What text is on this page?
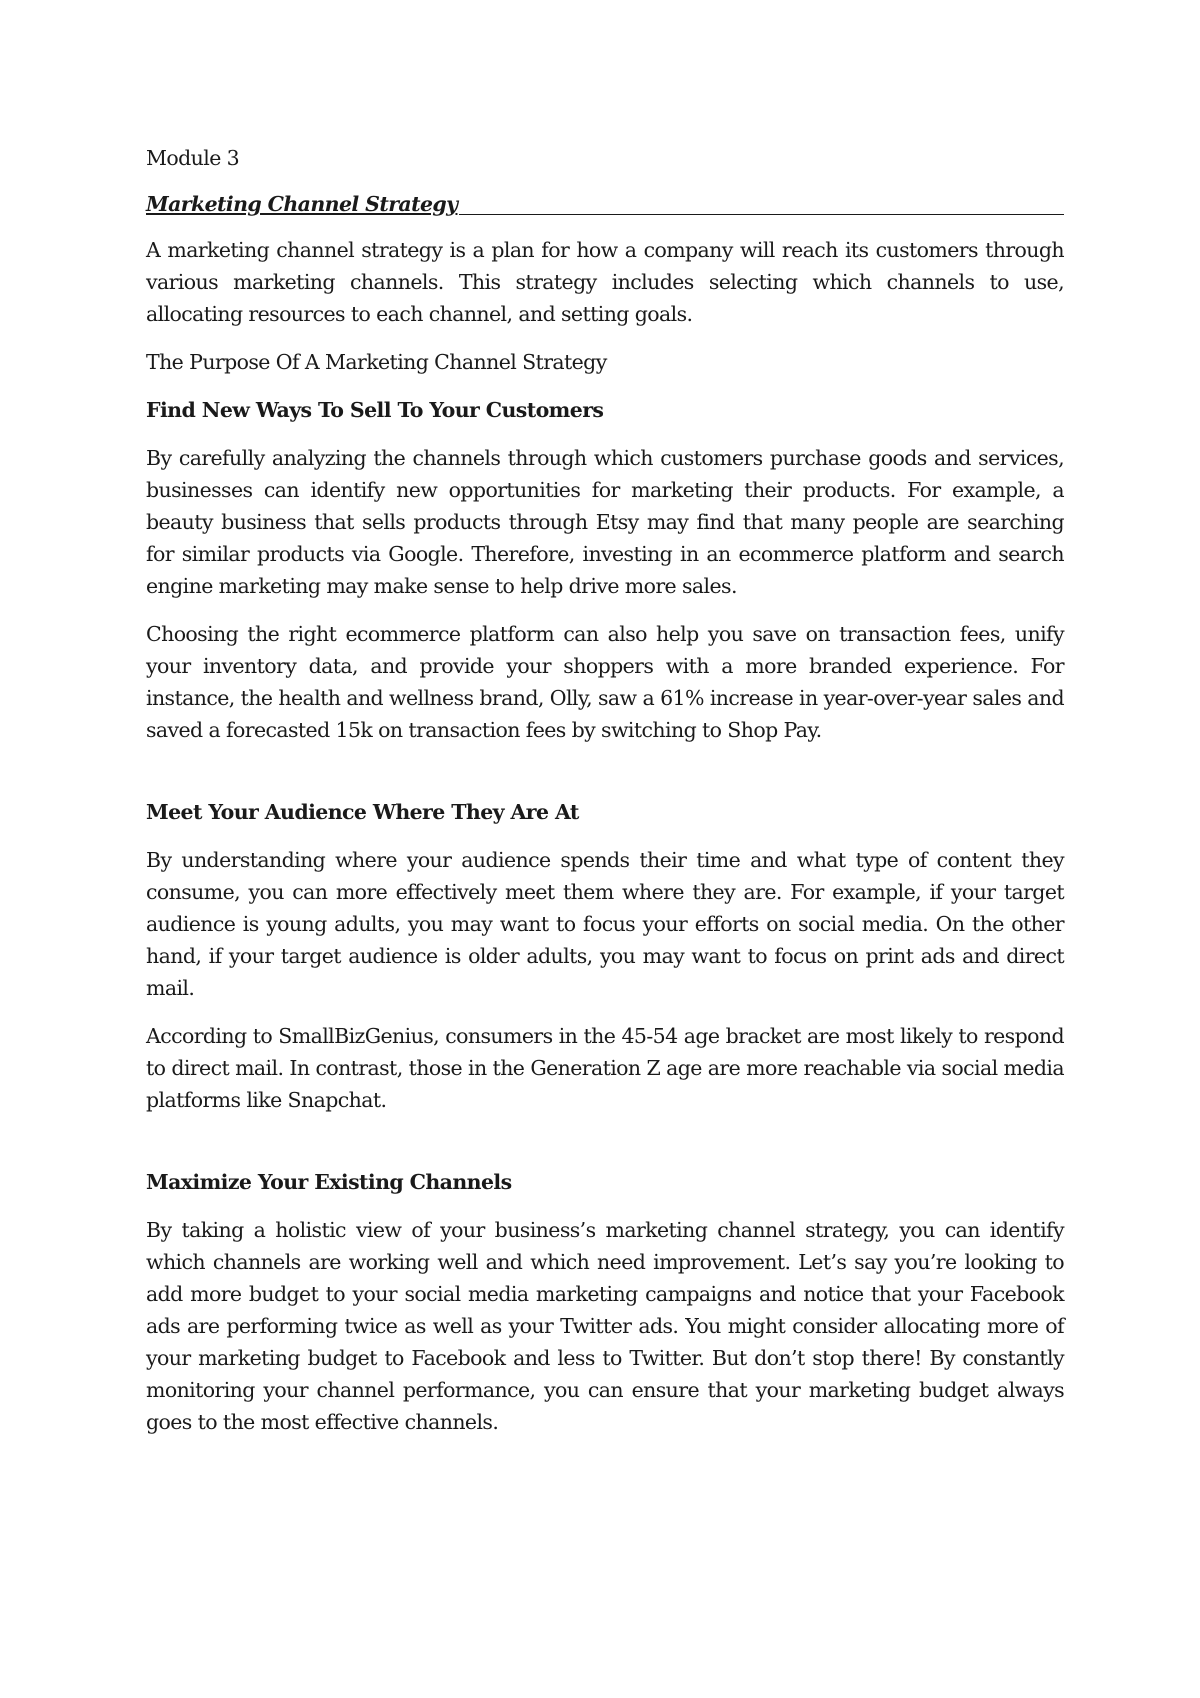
Module 3

Marketing Channel Strategy

A marketing channel strategy is a plan for how a company will reach its customers through various marketing channels. This strategy includes selecting which channels to use, allocating resources to each channel, and setting goals.

The Purpose Of A Marketing Channel Strategy

Find New Ways To Sell To Your Customers

By carefully analyzing the channels through which customers purchase goods and services, businesses can identify new opportunities for marketing their products. For example, a beauty business that sells products through Etsy may find that many people are searching for similar products via Google. Therefore, investing in an ecommerce platform and search engine marketing may make sense to help drive more sales.

Choosing the right ecommerce platform can also help you save on transaction fees, unify your inventory data, and provide your shoppers with a more branded experience. For instance, the health and wellness brand, Olly, saw a 61% increase in year-over-year sales and saved a forecasted 15k on transaction fees by switching to Shop Pay.

Meet Your Audience Where They Are At

By understanding where your audience spends their time and what type of content they consume, you can more effectively meet them where they are. For example, if your target audience is young adults, you may want to focus your efforts on social media. On the other hand, if your target audience is older adults, you may want to focus on print ads and direct mail.

According to SmallBizGenius, consumers in the 45-54 age bracket are most likely to respond to direct mail. In contrast, those in the Generation Z age are more reachable via social media platforms like Snapchat.

Maximize Your Existing Channels

By taking a holistic view of your business’s marketing channel strategy, you can identify which channels are working well and which need improvement. Let’s say you’re looking to add more budget to your social media marketing campaigns and notice that your Facebook ads are performing twice as well as your Twitter ads. You might consider allocating more of your marketing budget to Facebook and less to Twitter. But don’t stop there! By constantly monitoring your channel performance, you can ensure that your marketing budget always goes to the most effective channels.
